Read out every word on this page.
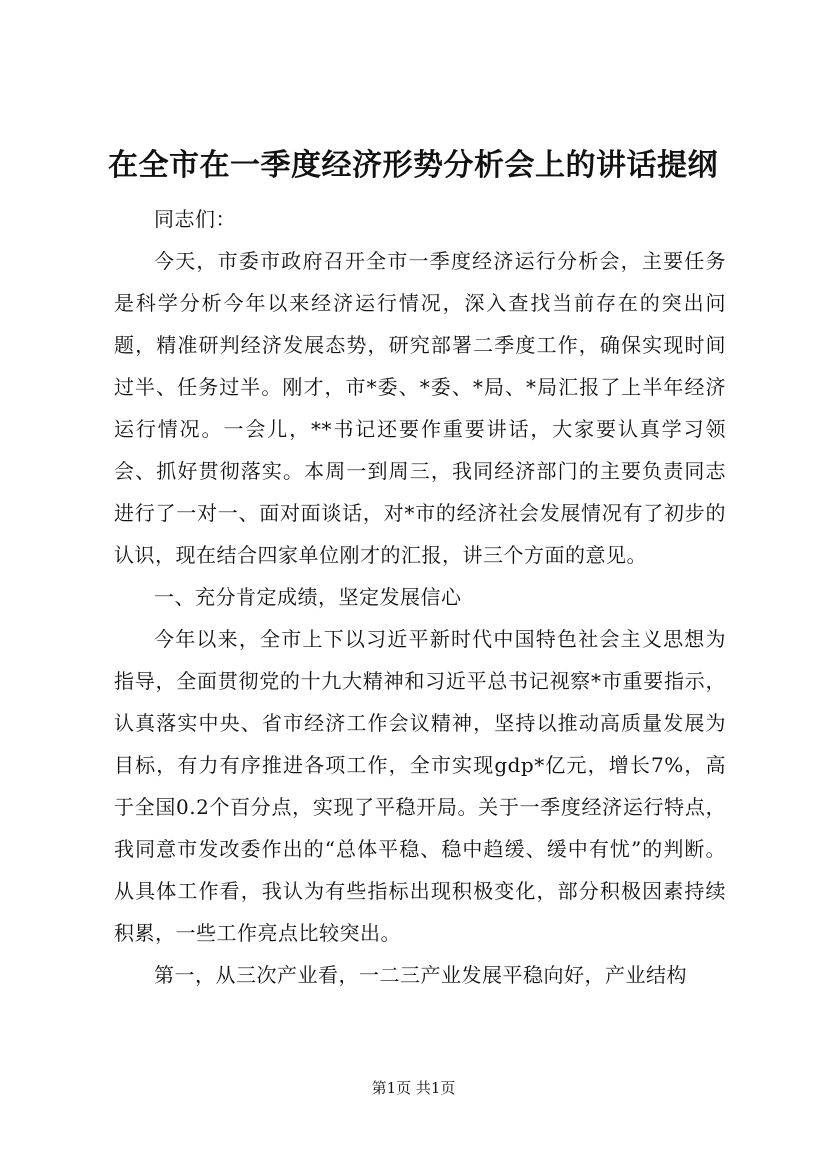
在全市在一季度经济形势分析会上的讲话提纲

同志们：

今天，市委市政府召开全市一季度经济运行分析会，主要任务是科学分析今年以来经济运行情况，深入查找当前存在的突出问题，精准研判经济发展态势，研究部署二季度工作，确保实现时间过半、任务过半。刚才，市*委、*委、*局、*局汇报了上半年经济运行情况。一会儿，**书记还要作重要讲话，大家要认真学习领会、抓好贯彻落实。本周一到周三，我同经济部门的主要负责同志进行了一对一、面对面谈话，对*市的经济社会发展情况有了初步的认识，现在结合四家单位刚才的汇报，讲三个方面的意见。

一、充分肯定成绩，坚定发展信心

今年以来，全市上下以习近平新时代中国特色社会主义思想为指导，全面贯彻党的十九大精神和习近平总书记视察*市重要指示，认真落实中央、省市经济工作会议精神，坚持以推动高质量发展为目标，有力有序推进各项工作，全市实现gdp*亿元，增长7%，高于全国0.2个百分点，实现了平稳开局。关于一季度经济运行特点，我同意市发改委作出的“总体平稳、稳中趋缓、缓中有忧”的判断。从具体工作看，我认为有些指标出现积极变化，部分积极因素持续积累，一些工作亮点比较突出。

第一，从三次产业看，一二三产业发展平稳向好，产业结构

第1页 共1页
